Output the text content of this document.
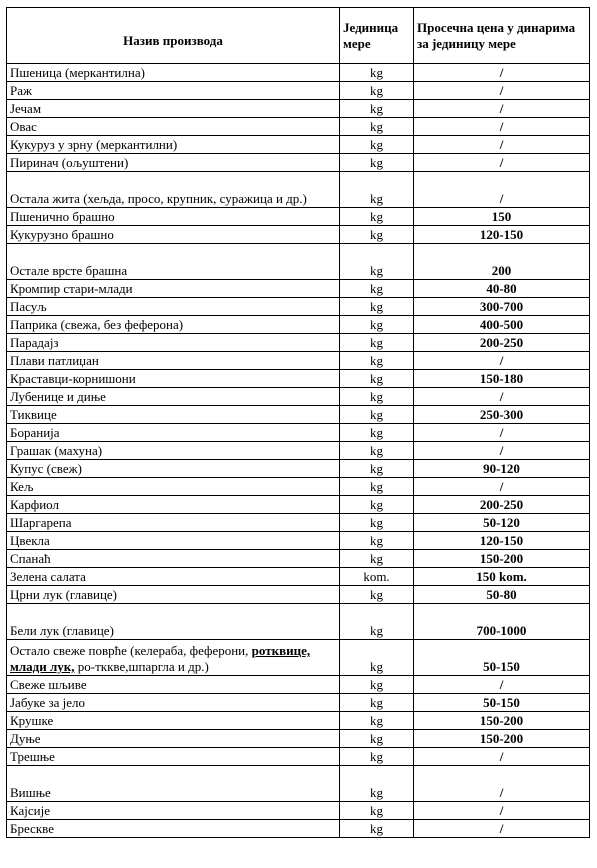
Назив производа	Јединица мере	Просечна цена у динарима за јединицу мере
Пшеница (меркантилна)	kg	/
Раж	kg	/
Јечам	kg	/
Овас	kg	/
Кукуруз у зрну (меркантилни)	kg	/
Пиринач (ољуштени)	kg	/
Остала жита (хељда, просо, крупник, суражица и др.)	kg	/
Пшенично брашно	kg	150
Кукурузно брашно	kg	120-150
Остале врсте брашна	kg	200
Кромпир стари-млади	kg	40-80
Пасуљ	kg	300-700
Паприка (свежа, без феферона)	kg	400-500
Парадајз	kg	200-250
Плави патлиџан	kg	/
Краставци-корнишони	kg	150-180
Лубенице и диње	kg	/
Тиквице	kg	250-300
Боранија	kg	/
Грашак (махуна)	kg	/
Купус (свеж)	kg	90-120
Кељ	kg	/
Карфиол	kg	200-250
Шаргарепа	kg	50-120
Цвекла	kg	120-150
Спанаћ	kg	150-200
Зелена салата	kom.	150 kom.
Црни лук (главице)	kg	50-80
Бели лук (главице)	kg	700-1000
Остало свеже поврће (келераба, феферони, ротквице, млади лук, ро-тккве,шпаргла и др.)	kg	50-150
Свеже шљиве	kg	/
Јабуке за јело	kg	50-150
Крушке	kg	150-200
Дуње	kg	150-200
Трешње	kg	/
Вишње	kg	/
Кајсије	kg	/
Брескве	kg	/
